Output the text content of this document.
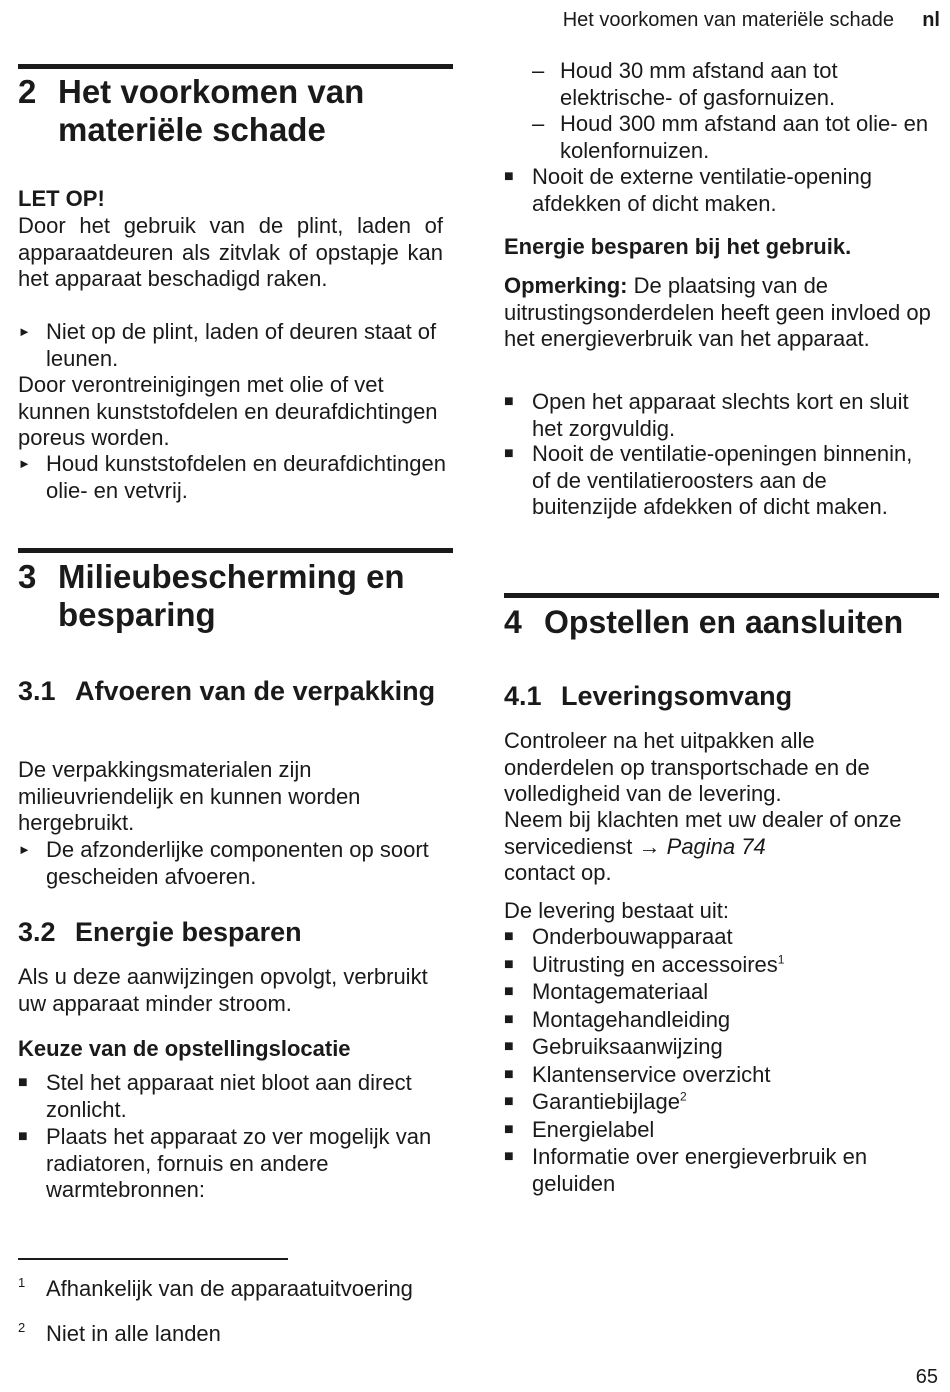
Het voorkomen van materiële schade nl
2 Het voorkomen van materiële schade
LET OP!
Door het gebruik van de plint, laden of apparaatdeuren als zitvlak of opstapje kan het apparaat beschadigd raken.
► Niet op de plint, laden of deuren staat of leunen.
Door verontreinigingen met olie of vet kunnen kunststofdelen en deurafdichtingen poreus worden.
► Houd kunststofdelen en deurafdichtingen olie- en vetvrij.
3 Milieubescherming en besparing
3.1 Afvoeren van de verpakking
De verpakkingsmaterialen zijn milieuvriendelijk en kunnen worden hergebruikt.
► De afzonderlijke componenten op soort gescheiden afvoeren.
3.2 Energie besparen
Als u deze aanwijzingen opvolgt, verbruikt uw apparaat minder stroom.
Keuze van de opstellingslocatie
■ Stel het apparaat niet bloot aan direct zonlicht.
■ Plaats het apparaat zo ver mogelijk van radiatoren, fornuis en andere warmtebronnen:
– Houd 30 mm afstand aan tot elektrische- of gasfornuizen.
– Houd 300 mm afstand aan tot olie- en kolenfornuizen.
■ Nooit de externe ventilatie-opening afdekken of dicht maken.
Energie besparen bij het gebruik.
Opmerking: De plaatsing van de uitrustingsonderdelen heeft geen invloed op het energieverbruik van het apparaat.
■ Open het apparaat slechts kort en sluit het zorgvuldig.
■ Nooit de ventilatie-openingen binnenin, of de ventilatieroosters aan de buitenzijde afdekken of dicht maken.
4 Opstellen en aansluiten
4.1 Leveringsomvang
Controleer na het uitpakken alle onderdelen op transportschade en de volledigheid van de levering.
Neem bij klachten met uw dealer of onze servicedienst → Pagina 74
contact op.
De levering bestaat uit:
■ Onderbouwapparaat
■ Uitrusting en accessoires$^1$
■ Montagemateriaal
■ Montagehandleiding
■ Gebruiksaanwijzing
■ Klantenservice overzicht
■ Garantiebijlage$^2$
■ Energielabel
■ Informatie over energieverbruik en geluiden
1 Afhankelijk van de apparaatuitvoering
2 Niet in alle landen
65
